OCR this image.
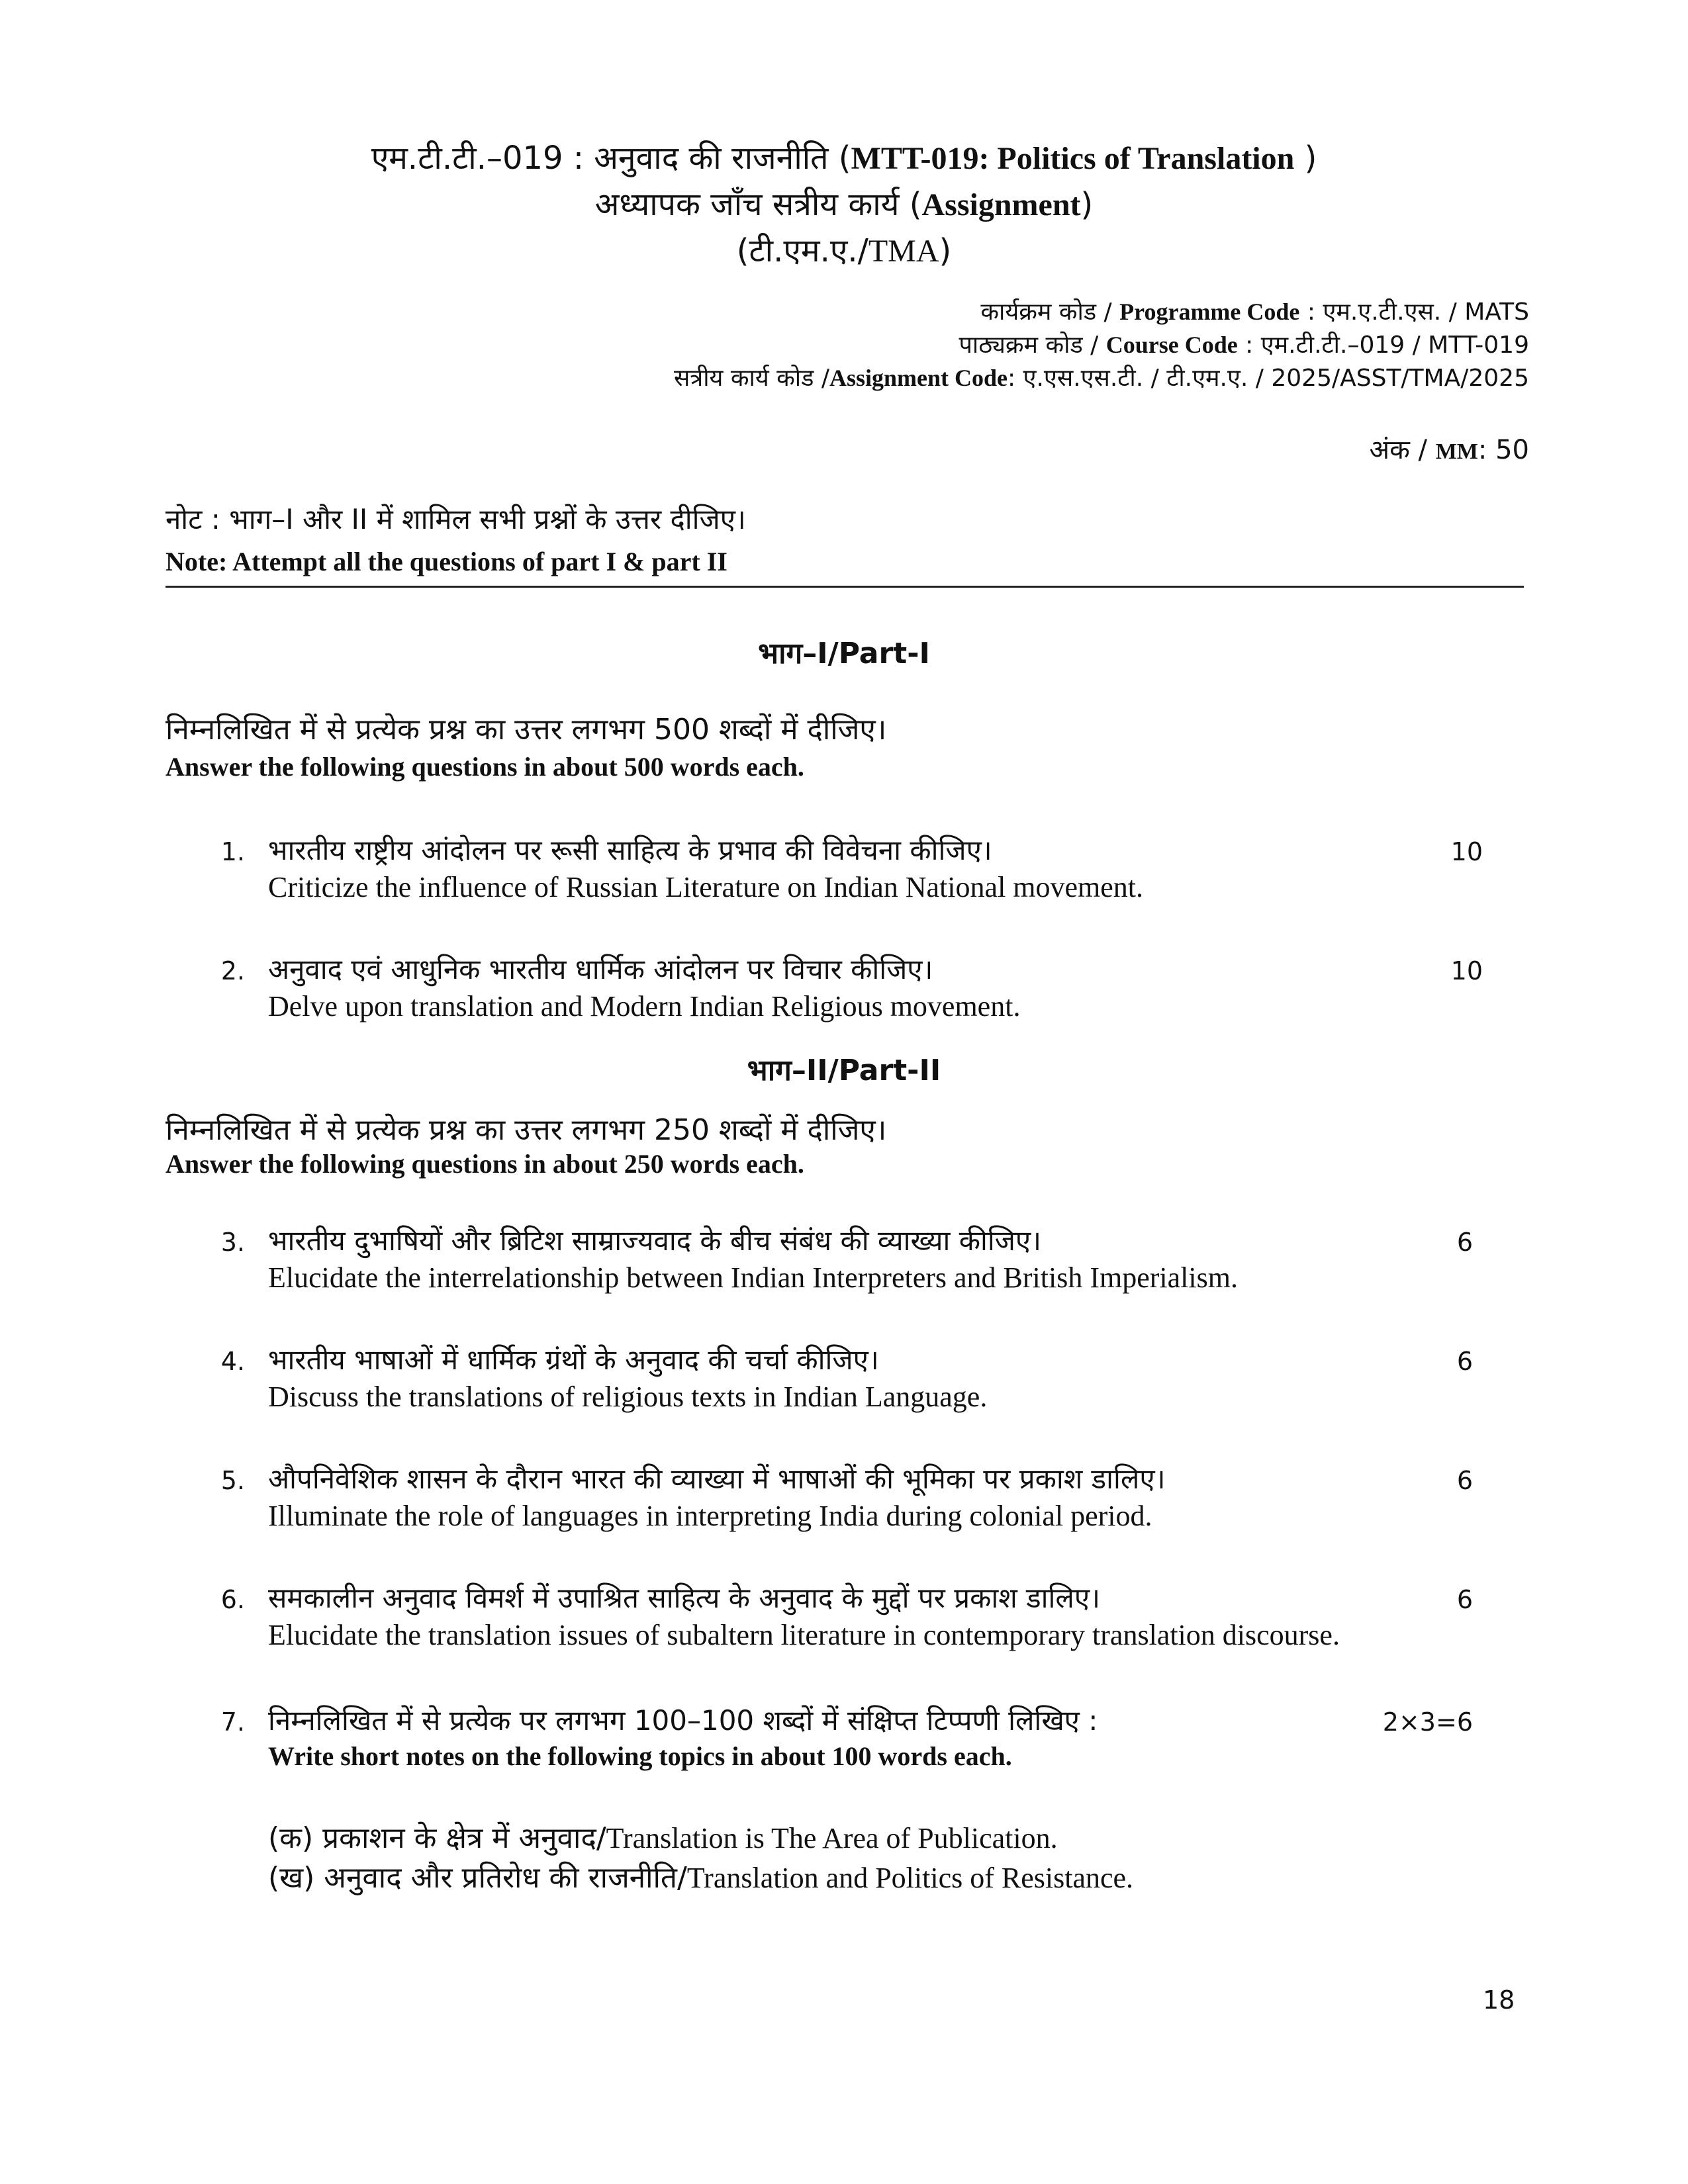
एम.टी.टी.–019 : अनुवाद की राजनीति (MTT-019: Politics of Translation )
अध्यापक जाँच सत्रीय कार्य (Assignment)
(टी.एम.ए./TMA)
कार्यक्रम कोड / Programme Code : एम.ए.टी.एस. / MATS
पाठ्यक्रम कोड / Course Code : एम.टी.टी.–019 / MTT-019
सत्रीय कार्य कोड /Assignment Code: ए.एस.एस.टी. / टी.एम.ए. / 2025/ASST/TMA/2025
अंक / MM: 50
नोट : भाग–I और II में शामिल सभी प्रश्नों के उत्तर दीजिए।
Note: Attempt all the questions of part I & part II
भाग–I/Part-I
निम्नलिखित में से प्रत्येक प्रश्न का उत्तर लगभग 500 शब्दों में दीजिए।
Answer the following questions in about 500 words each.
1. भारतीय राष्ट्रीय आंदोलन पर रूसी साहित्य के प्रभाव की विवेचना कीजिए।	10
Criticize the influence of Russian Literature on Indian National movement.
2. अनुवाद एवं आधुनिक भारतीय धार्मिक आंदोलन पर विचार कीजिए।	10
Delve upon translation and Modern Indian Religious movement.
भाग–II/Part-II
निम्नलिखित में से प्रत्येक प्रश्न का उत्तर लगभग 250 शब्दों में दीजिए।
Answer the following questions in about 250 words each.
3. भारतीय दुभाषियों और ब्रिटिश साम्राज्यवाद के बीच संबंध की व्याख्या कीजिए।	6
Elucidate the interrelationship between Indian Interpreters and British Imperialism.
4. भारतीय भाषाओं में धार्मिक ग्रंथों के अनुवाद की चर्चा कीजिए।	6
Discuss the translations of religious texts in Indian Language.
5. औपनिवेशिक शासन के दौरान भारत की व्याख्या में भाषाओं की भूमिका पर प्रकाश डालिए।	6
Illuminate the role of languages in interpreting India during colonial period.
6. समकालीन अनुवाद विमर्श में उपाश्रित साहित्य के अनुवाद के मुद्दों पर प्रकाश डालिए।	6
Elucidate the translation issues of subaltern literature in contemporary translation discourse.
7. निम्नलिखित में से प्रत्येक पर लगभग 100–100 शब्दों में संक्षिप्त टिप्पणी लिखिए :	2×3=6
Write short notes on the following topics in about 100 words each.
(क) प्रकाशन के क्षेत्र में अनुवाद/Translation is The Area of Publication.
(ख) अनुवाद और प्रतिरोध की राजनीति/Translation and Politics of Resistance.
18
